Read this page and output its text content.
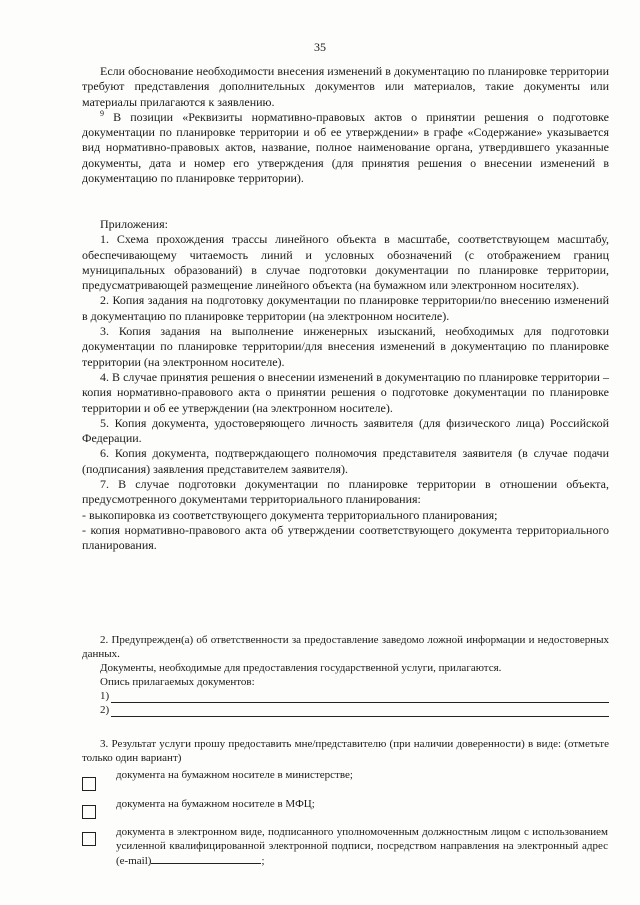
35

Если обоснование необходимости внесения изменений в документацию по планировке территории требуют представления дополнительных документов или материалов, такие документы или материалы прилагаются к заявлению.

$^9$ В позиции «Реквизиты нормативно-правовых актов о принятии решения о подготовке документации по планировке территории и об ее утверждении» в графе «Содержание» указывается вид нормативно-правовых актов, название, полное наименование органа, утвердившего указанные документы, дата и номер его утверждения (для принятия решения о внесении изменений в документацию по планировке территории).

Приложения:

1. Схема прохождения трассы линейного объекта в масштабе, соответствующем масштабу, обеспечивающему читаемость линий и условных обозначений (с отображением границ муниципальных образований) в случае подготовки документации по планировке территории, предусматривающей размещение линейного объекта (на бумажном или электронном носителях).

2. Копия задания на подготовку документации по планировке территории/по внесению изменений в документацию по планировке территории (на электронном носителе).

3. Копия задания на выполнение инженерных изысканий, необходимых для подготовки документации по планировке территории/для внесения изменений в документацию по планировке территории (на электронном носителе).

4. В случае принятия решения о внесении изменений в документацию по планировке территории – копия нормативно-правового акта о принятии решения о подготовке документации по планировке территории и об ее утверждении (на электронном носителе).

5. Копия документа, удостоверяющего личность заявителя (для физического лица) Российской Федерации.

6. Копия документа, подтверждающего полномочия представителя заявителя (в случае подачи (подписания) заявления представителем заявителя).

7. В случае подготовки документации по планировке территории в отношении объекта, предусмотренного документами территориального планирования:

- выкопировка из соответствующего документа территориального планирования;

- копия нормативно-правового акта об утверждении соответствующего документа территориального планирования.

2. Предупрежден(а) об ответственности за предоставление заведомо ложной информации и недостоверных данных.

Документы, необходимые для предоставления государственной услуги, прилагаются.

Опись прилагаемых документов:

1)
2)

3. Результат услуги прошу предоставить мне/представителю (при наличии доверенности) в виде: (отметьте только один вариант)

документа на бумажном носителе в министерстве;
документа на бумажном носителе в МФЦ;
документа в электронном виде, подписанного уполномоченным должностным лицом с использованием усиленной квалифицированной электронной подписи, посредством направления на электронный адрес (e-mail)	;
